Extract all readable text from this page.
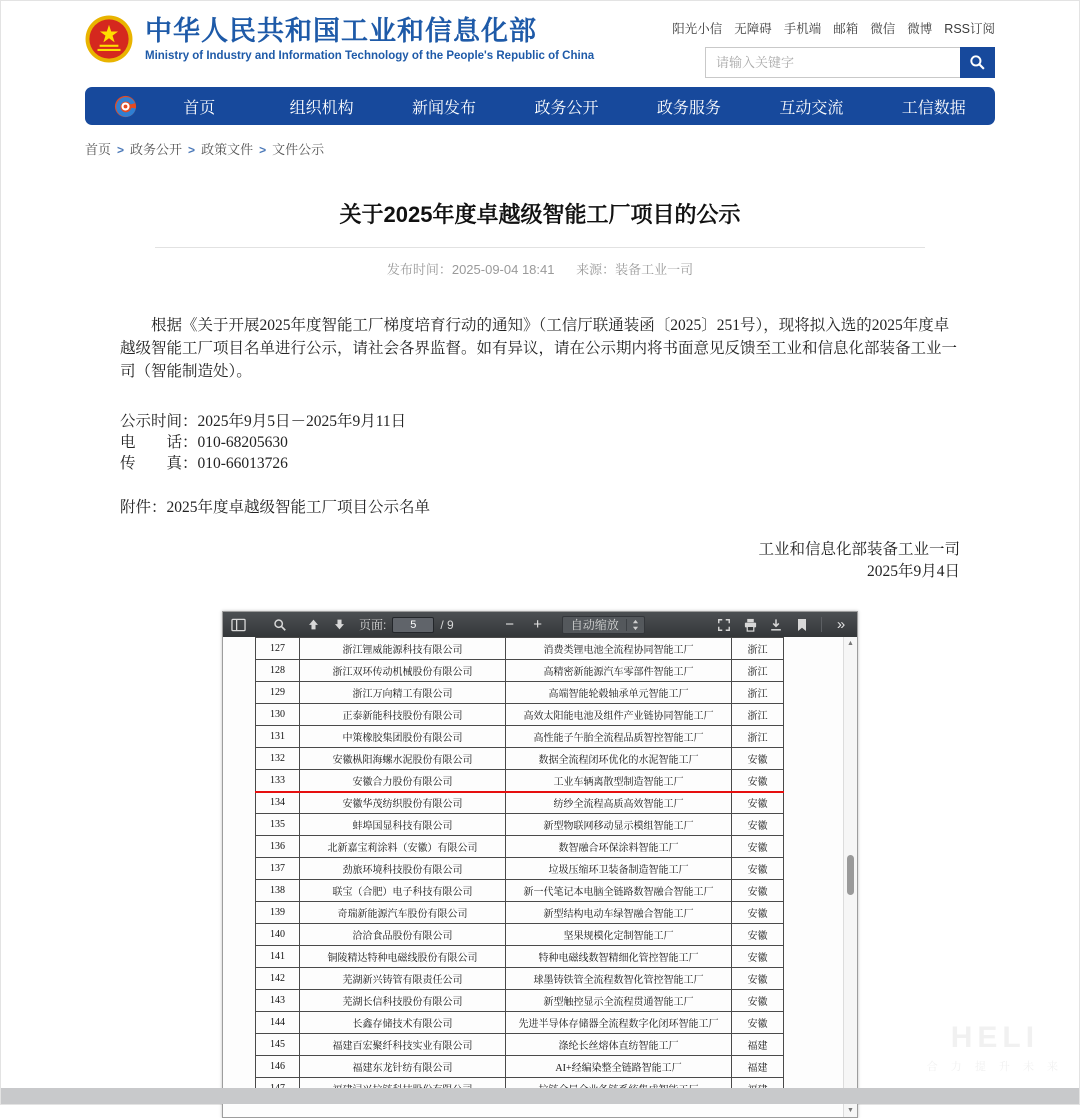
中华人民共和国工业和信息化部
Ministry of Industry and Information Technology of the People's Republic of China
阳光小信 无障碍 手机端 邮箱 微信 微博 RSS订阅
请输入关键字
首页	组织机构	新闻发布	政务公开	政务服务	互动交流	工信数据
首页 > 政务公开 > 政策文件 > 文件公示
关于2025年度卓越级智能工厂项目的公示
发布时间：2025-09-04 18:41 来源：装备工业一司

根据《关于开展2025年度智能工厂梯度培育行动的通知》（工信厅联通装函〔2025〕251号），现将拟入选的2025年度卓越级智能工厂项目名单进行公示，请社会各界监督。如有异议，请在公示期内将书面意见反馈至工业和信息化部装备工业一司（智能制造处）。

公示时间：2025年9月5日－2025年9月11日
电　　话：010-68205630
传　　真：010-66013726
附件：2025年度卓越级智能工厂项目公示名单
工业和信息化部装备工业一司
2025年9月4日
页面:
5	/ 9	− + 自动缩放	»
127	浙江锂威能源科技有限公司	消费类锂电池全流程协同智能工厂	浙江
128	浙江双环传动机械股份有限公司	高精密新能源汽车零部件智能工厂	浙江
129	浙江万向精工有限公司	高端智能轮毂轴承单元智能工厂	浙江
130	正泰新能科技股份有限公司	高效太阳能电池及组件产业链协同智能工厂	浙江
131	中策橡胶集团股份有限公司	高性能子午胎全流程品质智控智能工厂	浙江
132	安徽枞阳海螺水泥股份有限公司	数据全流程闭环优化的水泥智能工厂	安徽
133	安徽合力股份有限公司	工业车辆离散型制造智能工厂	安徽
134	安徽华茂纺织股份有限公司	纺纱全流程高质高效智能工厂	安徽
135	蚌埠国显科技有限公司	新型物联网移动显示模组智能工厂	安徽
136	北新嘉宝莉涂料（安徽）有限公司	数智融合环保涂料智能工厂	安徽
137	劲旅环境科技股份有限公司	垃圾压缩环卫装备制造智能工厂	安徽
138	联宝（合肥）电子科技有限公司	新一代笔记本电脑全链路数智融合智能工厂	安徽
139	奇瑞新能源汽车股份有限公司	新型结构电动车绿智融合智能工厂	安徽
140	洽洽食品股份有限公司	坚果规模化定制智能工厂	安徽
141	铜陵精达特种电磁线股份有限公司	特种电磁线数智精细化管控智能工厂	安徽
142	芜湖新兴铸管有限责任公司	球墨铸铁管全流程数智化管控智能工厂	安徽
143	芜湖长信科技股份有限公司	新型触控显示全流程贯通智能工厂	安徽
144	长鑫存储技术有限公司	先进半导体存储器全流程数字化闭环智能工厂	安徽
145	福建百宏聚纤科技实业有限公司	涤纶长丝熔体直纺智能工厂	福建
146	福建东龙针纺有限公司	AI+经编染整全链路智能工厂	福建

▲
▼
HELI
合 力 提 升 未 来
